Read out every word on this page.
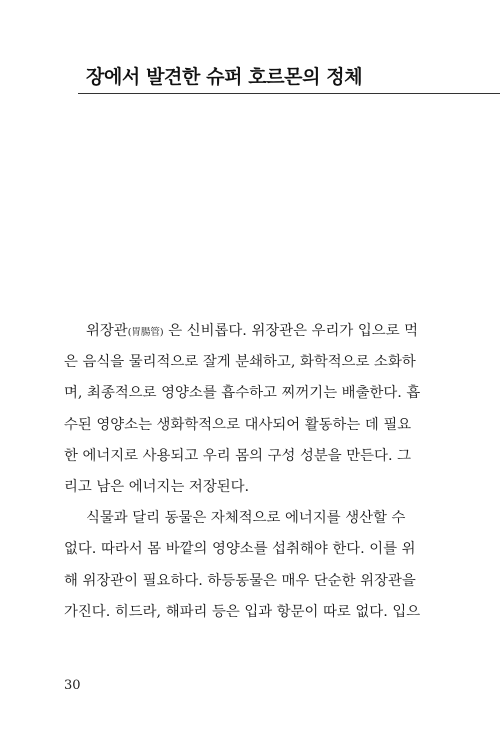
장에서 발견한 슈퍼 호르몬의 정체
위장관(胃腸管) 은 신비롭다. 위장관은 우리가 입으로 먹
은 음식을 물리적으로 잘게 분쇄하고, 화학적으로 소화하
며, 최종적으로 영양소를 흡수하고 찌꺼기는 배출한다. 흡
수된 영양소는 생화학적으로 대사되어 활동하는 데 필요
한 에너지로 사용되고 우리 몸의 구성 성분을 만든다. 그
리고 남은 에너지는 저장된다.
식물과 달리 동물은 자체적으로 에너지를 생산할 수
없다. 따라서 몸 바깥의 영양소를 섭취해야 한다. 이를 위
해 위장관이 필요하다. 하등동물은 매우 단순한 위장관을
가진다. 히드라, 해파리 등은 입과 항문이 따로 없다. 입으
30
